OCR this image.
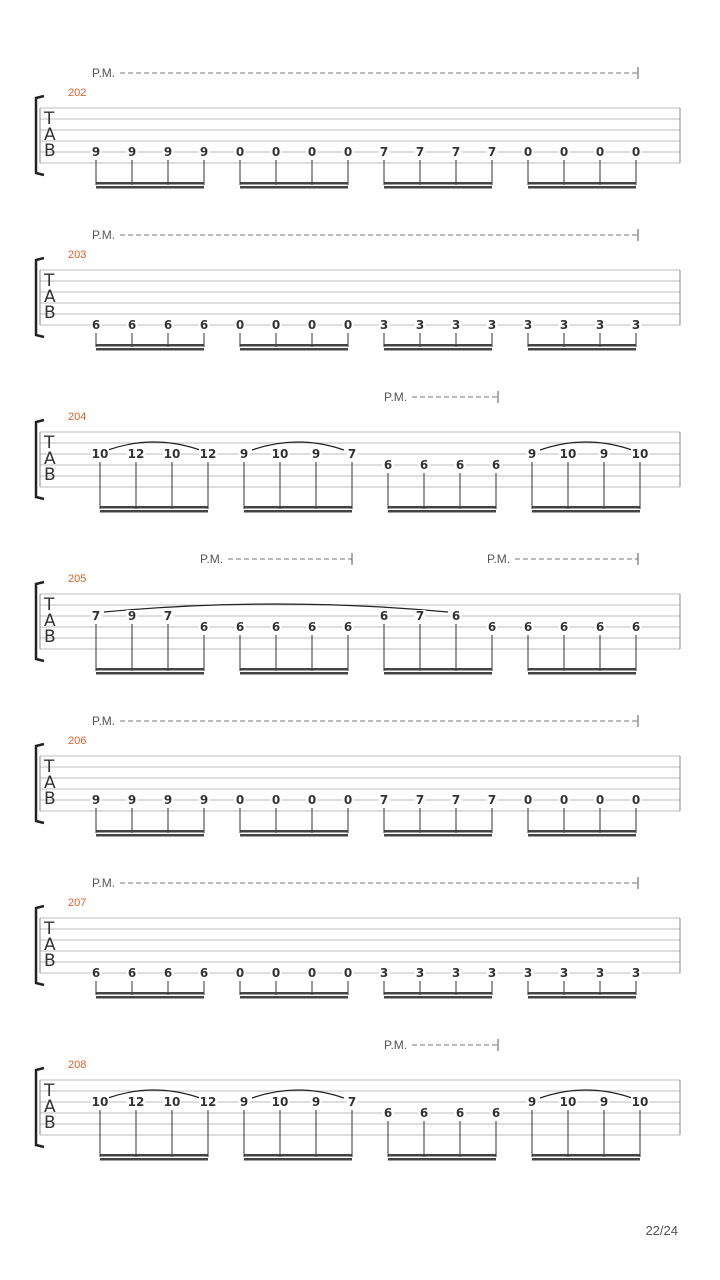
T
A
B
202
P.M.
9 9 9 9 0 0 0 0 7 7 7 7 0 0 0 0
T
A
B
203
P.M.
6 6 6 6 0 0 0 0 3 3 3 3 3 3 3 3
T
A
B
204
P.M.
10 12 10 12 9 10 9 7
6 6 6 6
9 10 9 10
T
A
B
205
P.M.	P.M.
7 9 7
6 6 6 6 6
6 7 6
6 6 6 6 6
T
A
B
206
P.M.
9 9 9 9 0 0 0 0 7 7 7 7 0 0 0 0
T
A
B
207
P.M.
6 6 6 6 0 0 0 0 3 3 3 3 3 3 3 3
T
A
B
208
P.M.
10 12 10 12 9 10 9 7
6 6 6 6
9 10 9 10
22/24
